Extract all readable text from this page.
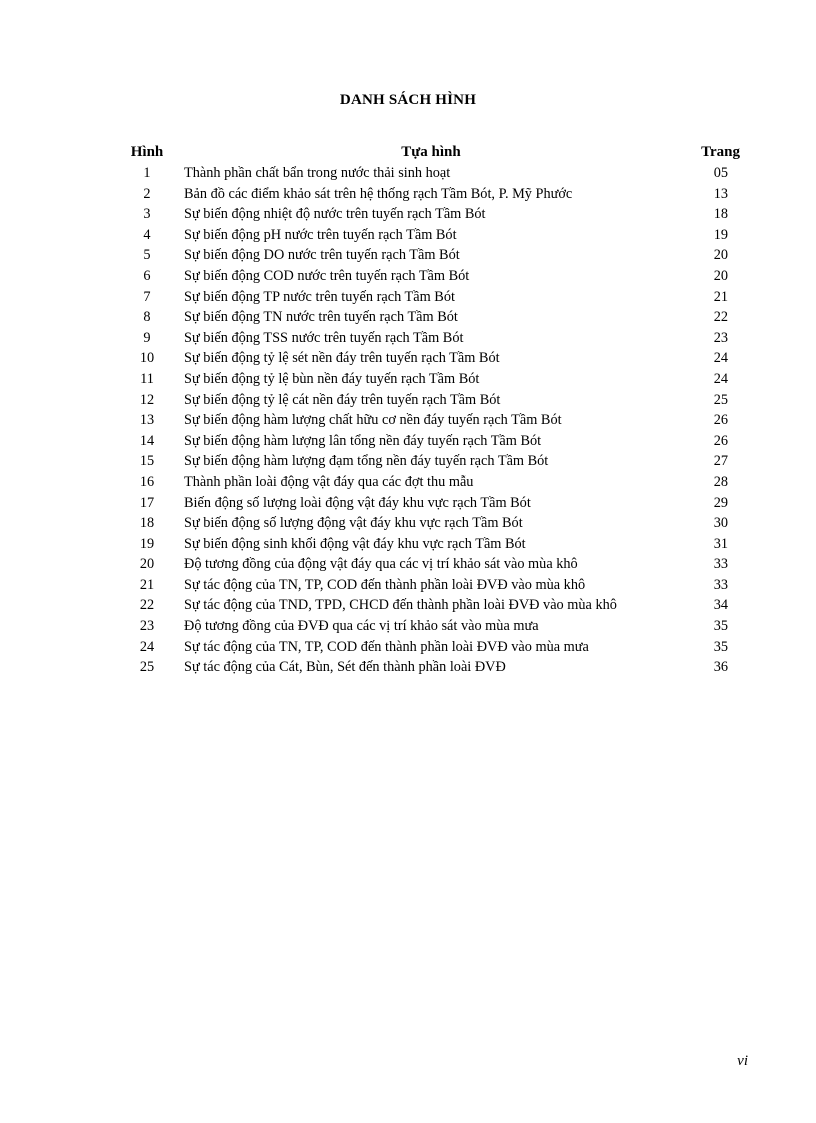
DANH SÁCH HÌNH
Hình	Tựa hình	Trang
1	Thành phần chất bẩn trong nước thải sinh hoạt	05
2	Bản đồ các điểm khảo sát trên hệ thống rạch Tầm Bót, P. Mỹ Phước	13
3	Sự biến động nhiệt độ nước trên tuyến rạch Tầm Bót	18
4	Sự biến động pH nước trên tuyến rạch Tầm Bót	19
5	Sự biến động DO nước trên tuyến rạch Tầm Bót	20
6	Sự biến động COD nước trên tuyến rạch Tầm Bót	20
7	Sự biến động TP nước trên tuyến rạch Tầm Bót	21
8	Sự biến động TN nước trên tuyến rạch Tầm Bót	22
9	Sự biến động TSS nước trên tuyến rạch Tầm Bót	23
10	Sự biến động tỷ lệ sét nền đáy trên tuyến rạch Tầm Bót	24
11	Sự biến động tỷ lệ bùn nền đáy tuyến rạch Tầm Bót	24
12	Sự biến động tỷ lệ cát nền đáy trên tuyến rạch Tầm Bót	25
13	Sự biến động hàm lượng chất hữu cơ nền đáy tuyến rạch Tầm Bót	26
14	Sự biến động hàm lượng lân tổng nền đáy tuyến rạch Tầm Bót	26
15	Sự biến động hàm lượng đạm tổng nền đáy tuyến rạch Tầm Bót	27
16	Thành phần loài động vật đáy qua các đợt thu mẫu	28
17	Biến động số lượng loài động vật đáy khu vực rạch Tầm Bót	29
18	Sự biến động số lượng động vật đáy khu vực rạch Tầm Bót	30
19	Sự biến động sinh khối động vật đáy khu vực rạch Tầm Bót	31
20	Độ tương đồng của động vật đáy qua các vị trí khảo sát vào mùa khô	33
21	Sự tác động của TN, TP, COD đến thành phần loài ĐVĐ vào mùa khô	33
22	Sự tác động của TND, TPD, CHCD đến thành phần loài ĐVĐ vào mùa khô	34
23	Độ tương đồng của ĐVĐ qua các vị trí khảo sát vào mùa mưa	35
24	Sự tác động của TN, TP, COD đến thành phần loài ĐVĐ vào mùa mưa	35
25	Sự tác động của Cát, Bùn, Sét đến thành phần loài ĐVĐ	36
vi
